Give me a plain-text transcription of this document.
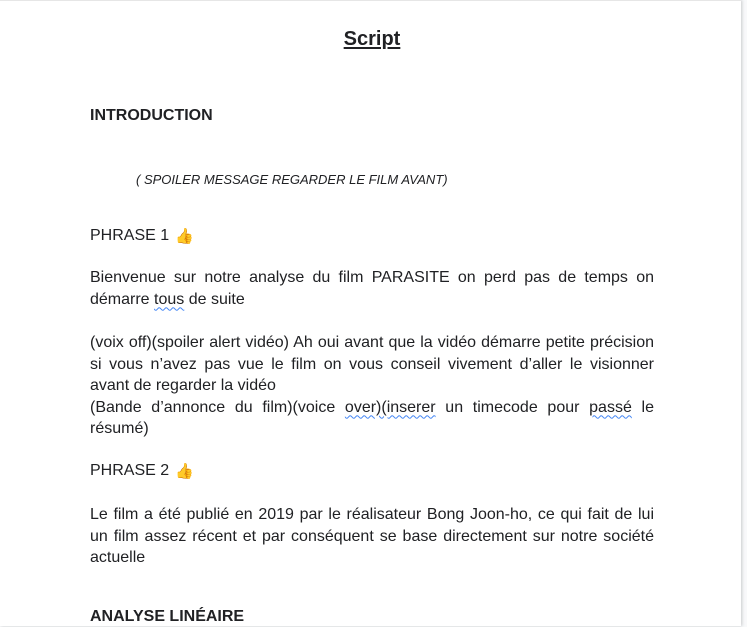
Script
INTRODUCTION
( SPOILER MESSAGE REGARDER LE FILM AVANT)
PHRASE 1 👍

Bienvenue sur notre analyse du film PARASITE on perd pas de temps on démarre tous de suite

(voix off)(spoiler alert vidéo) Ah oui avant que la vidéo démarre petite précision si vous n’avez pas vue le film on vous conseil vivement d’aller le visionner avant de regarder la vidéo

(Bande d’annonce du film)(voice over)(inserer un timecode pour passé le résumé)

PHRASE 2 👍

Le film a été publié en 2019 par le réalisateur Bong Joon-ho, ce qui fait de lui un film assez récent et par conséquent se base directement sur notre société actuelle

ANALYSE LINÉAIRE
